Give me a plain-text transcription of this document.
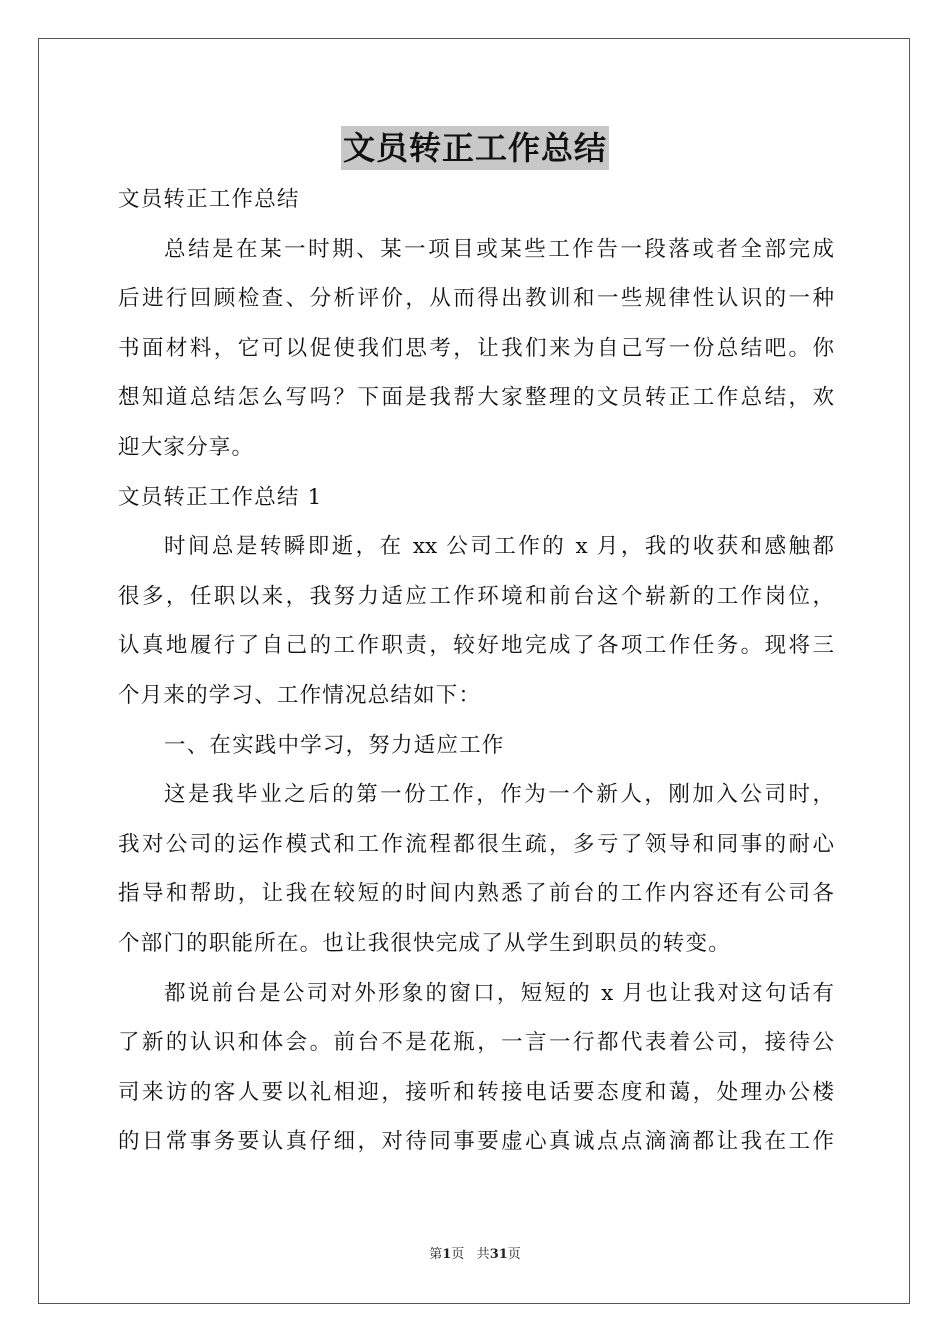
文员转正工作总结
文员转正工作总结
总结是在某一时期、某一项目或某些工作告一段落或者全部完成
后进行回顾检查、分析评价，从而得出教训和一些规律性认识的一种
书面材料，它可以促使我们思考，让我们来为自己写一份总结吧。你
想知道总结怎么写吗？下面是我帮大家整理的文员转正工作总结，欢
迎大家分享。
文员转正工作总结 1
时间总是转瞬即逝，在 xx 公司工作的 x 月，我的收获和感触都
很多，任职以来，我努力适应工作环境和前台这个崭新的工作岗位，
认真地履行了自己的工作职责，较好地完成了各项工作任务。现将三
个月来的学习、工作情况总结如下：
一、在实践中学习，努力适应工作
这是我毕业之后的第一份工作，作为一个新人，刚加入公司时，
我对公司的运作模式和工作流程都很生疏，多亏了领导和同事的耐心
指导和帮助，让我在较短的时间内熟悉了前台的工作内容还有公司各
个部门的职能所在。也让我很快完成了从学生到职员的转变。
都说前台是公司对外形象的窗口，短短的 x 月也让我对这句话有
了新的认识和体会。前台不是花瓶，一言一行都代表着公司，接待公
司来访的客人要以礼相迎，接听和转接电话要态度和蔼，处理办公楼
的日常事务要认真仔细，对待同事要虚心真诚点点滴滴都让我在工作
第1页 共31页
